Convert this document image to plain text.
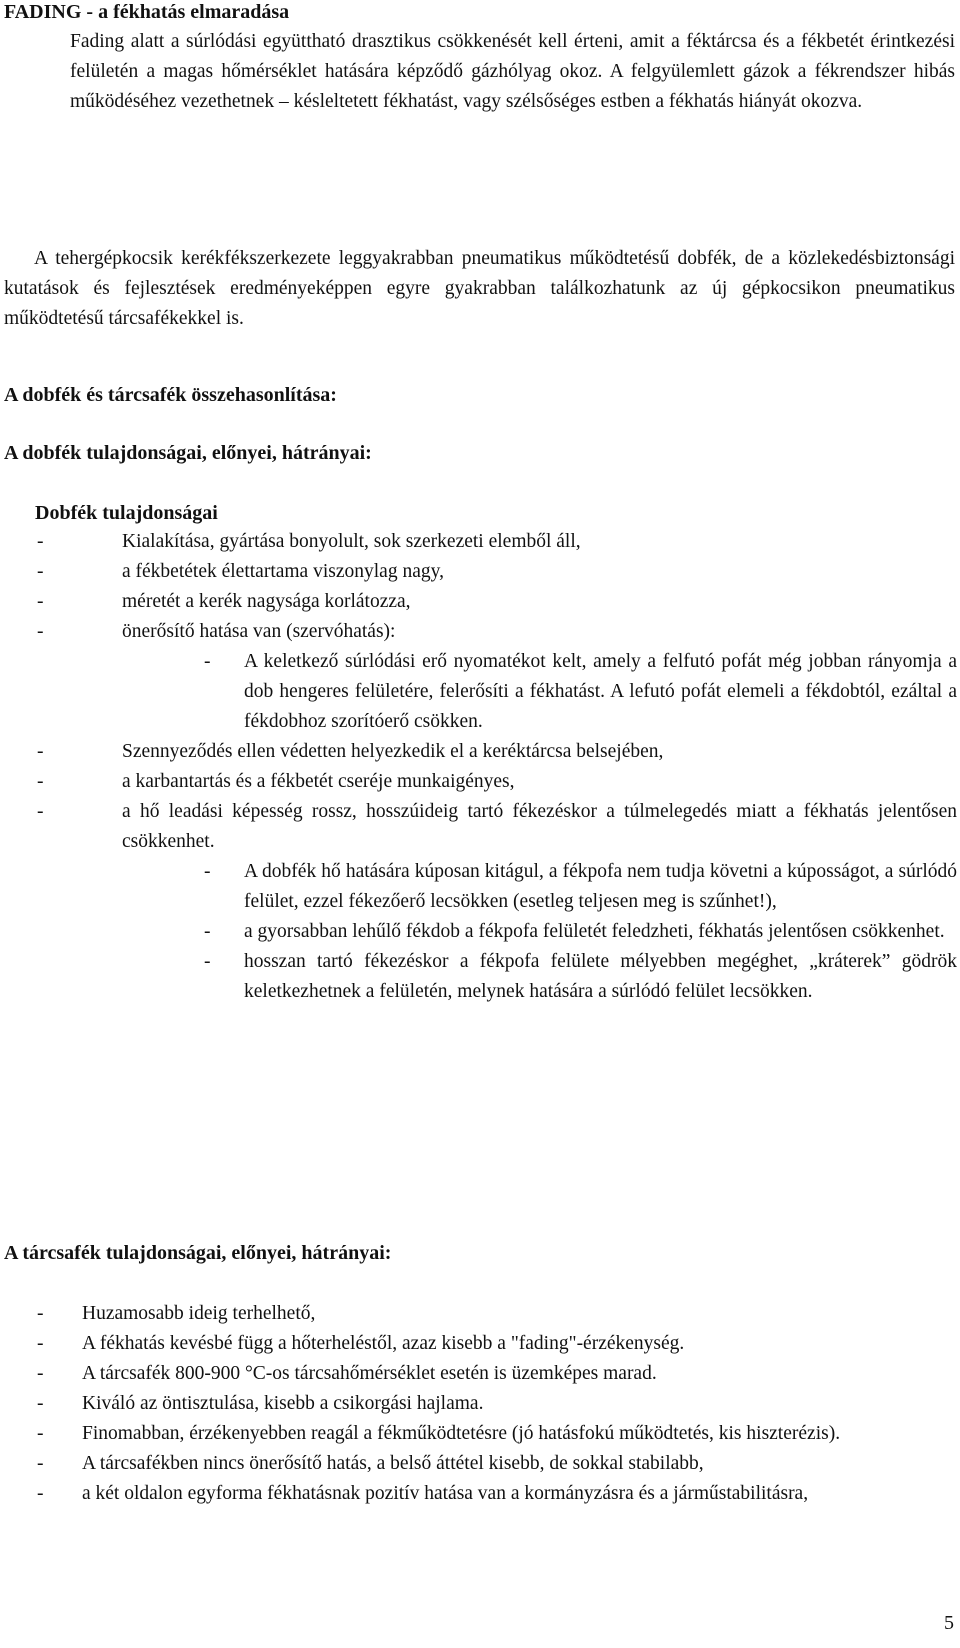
FADING - a fékhatás elmaradása

Fading alatt a súrlódási együttható drasztikus csökkenését kell érteni, amit a féktárcsa és a fékbetét érintkezési felületén a magas hőmérséklet hatására képződő gázhólyag okoz. A felgyülemlett gázok a fékrendszer hibás működéséhez vezethetnek – késleltetett fékhatást, vagy szélsőséges estben a fékhatás hiányát okozva.

A tehergépkocsik kerékfékszerkezete leggyakrabban pneumatikus működtetésű dobfék, de a közlekedésbiztonsági kutatások és fejlesztések eredményeképpen egyre gyakrabban találkozhatunk az új gépkocsikon pneumatikus működtetésű tárcsafékekkel is.

A dobfék és tárcsafék összehasonlítása:

A dobfék tulajdonságai, előnyei, hátrányai:

Dobfék tulajdonságai

-	Kialakítása, gyártása bonyolult, sok szerkezeti elemből áll,
-	a fékbetétek élettartama viszonylag nagy,
-	méretét a kerék nagysága korlátozza,
-	önerősítő hatása van (szervóhatás):
- A keletkező súrlódási erő nyomatékot kelt, amely a felfutó pofát még jobban rányomja a dob hengeres felületére, felerősíti a fékhatást. A lefutó pofát elemeli a fékdobtól, ezáltal a fékdobhoz szorítóerő csökken.
-	Szennyeződés ellen védetten helyezkedik el a keréktárcsa belsejében,
-	a karbantartás és a fékbetét cseréje munkaigényes,
-	a hő leadási képesség rossz, hosszúideig tartó fékezéskor a túlmelegedés miatt a fékhatás jelentősen csökkenhet.
- A dobfék hő hatására kúposan kitágul, a fékpofa nem tudja követni a kúposságot, a súrlódó felület, ezzel fékezőerő lecsökken (esetleg teljesen meg is szűnhet!),
- a gyorsabban lehűlő fékdob a fékpofa felületét feledzheti, fékhatás jelentősen csökkenhet.
- hosszan tartó fékezéskor a fékpofa felülete mélyebben megéghet, „kráterek” gödrök keletkezhetnek a felületén, melynek hatására a súrlódó felület lecsökken.

A tárcsafék tulajdonságai, előnyei, hátrányai:

- Huzamosabb ideig terhelhető,
- A fékhatás kevésbé függ a hőterheléstől, azaz kisebb a "fading"-érzékenység.
- A tárcsafék 800-900 °C-os tárcsahőmérséklet esetén is üzemképes marad.
- Kiváló az öntisztulása, kisebb a csikorgási hajlama.
- Finomabban, érzékenyebben reagál a fékműködtetésre (jó hatásfokú működtetés, kis hiszterézis).
- A tárcsafékben nincs önerősítő hatás, a belső áttétel kisebb, de sokkal stabilabb,
- a két oldalon egyforma fékhatásnak pozitív hatása van a kormányzásra és a járműstabilitásra,
5
